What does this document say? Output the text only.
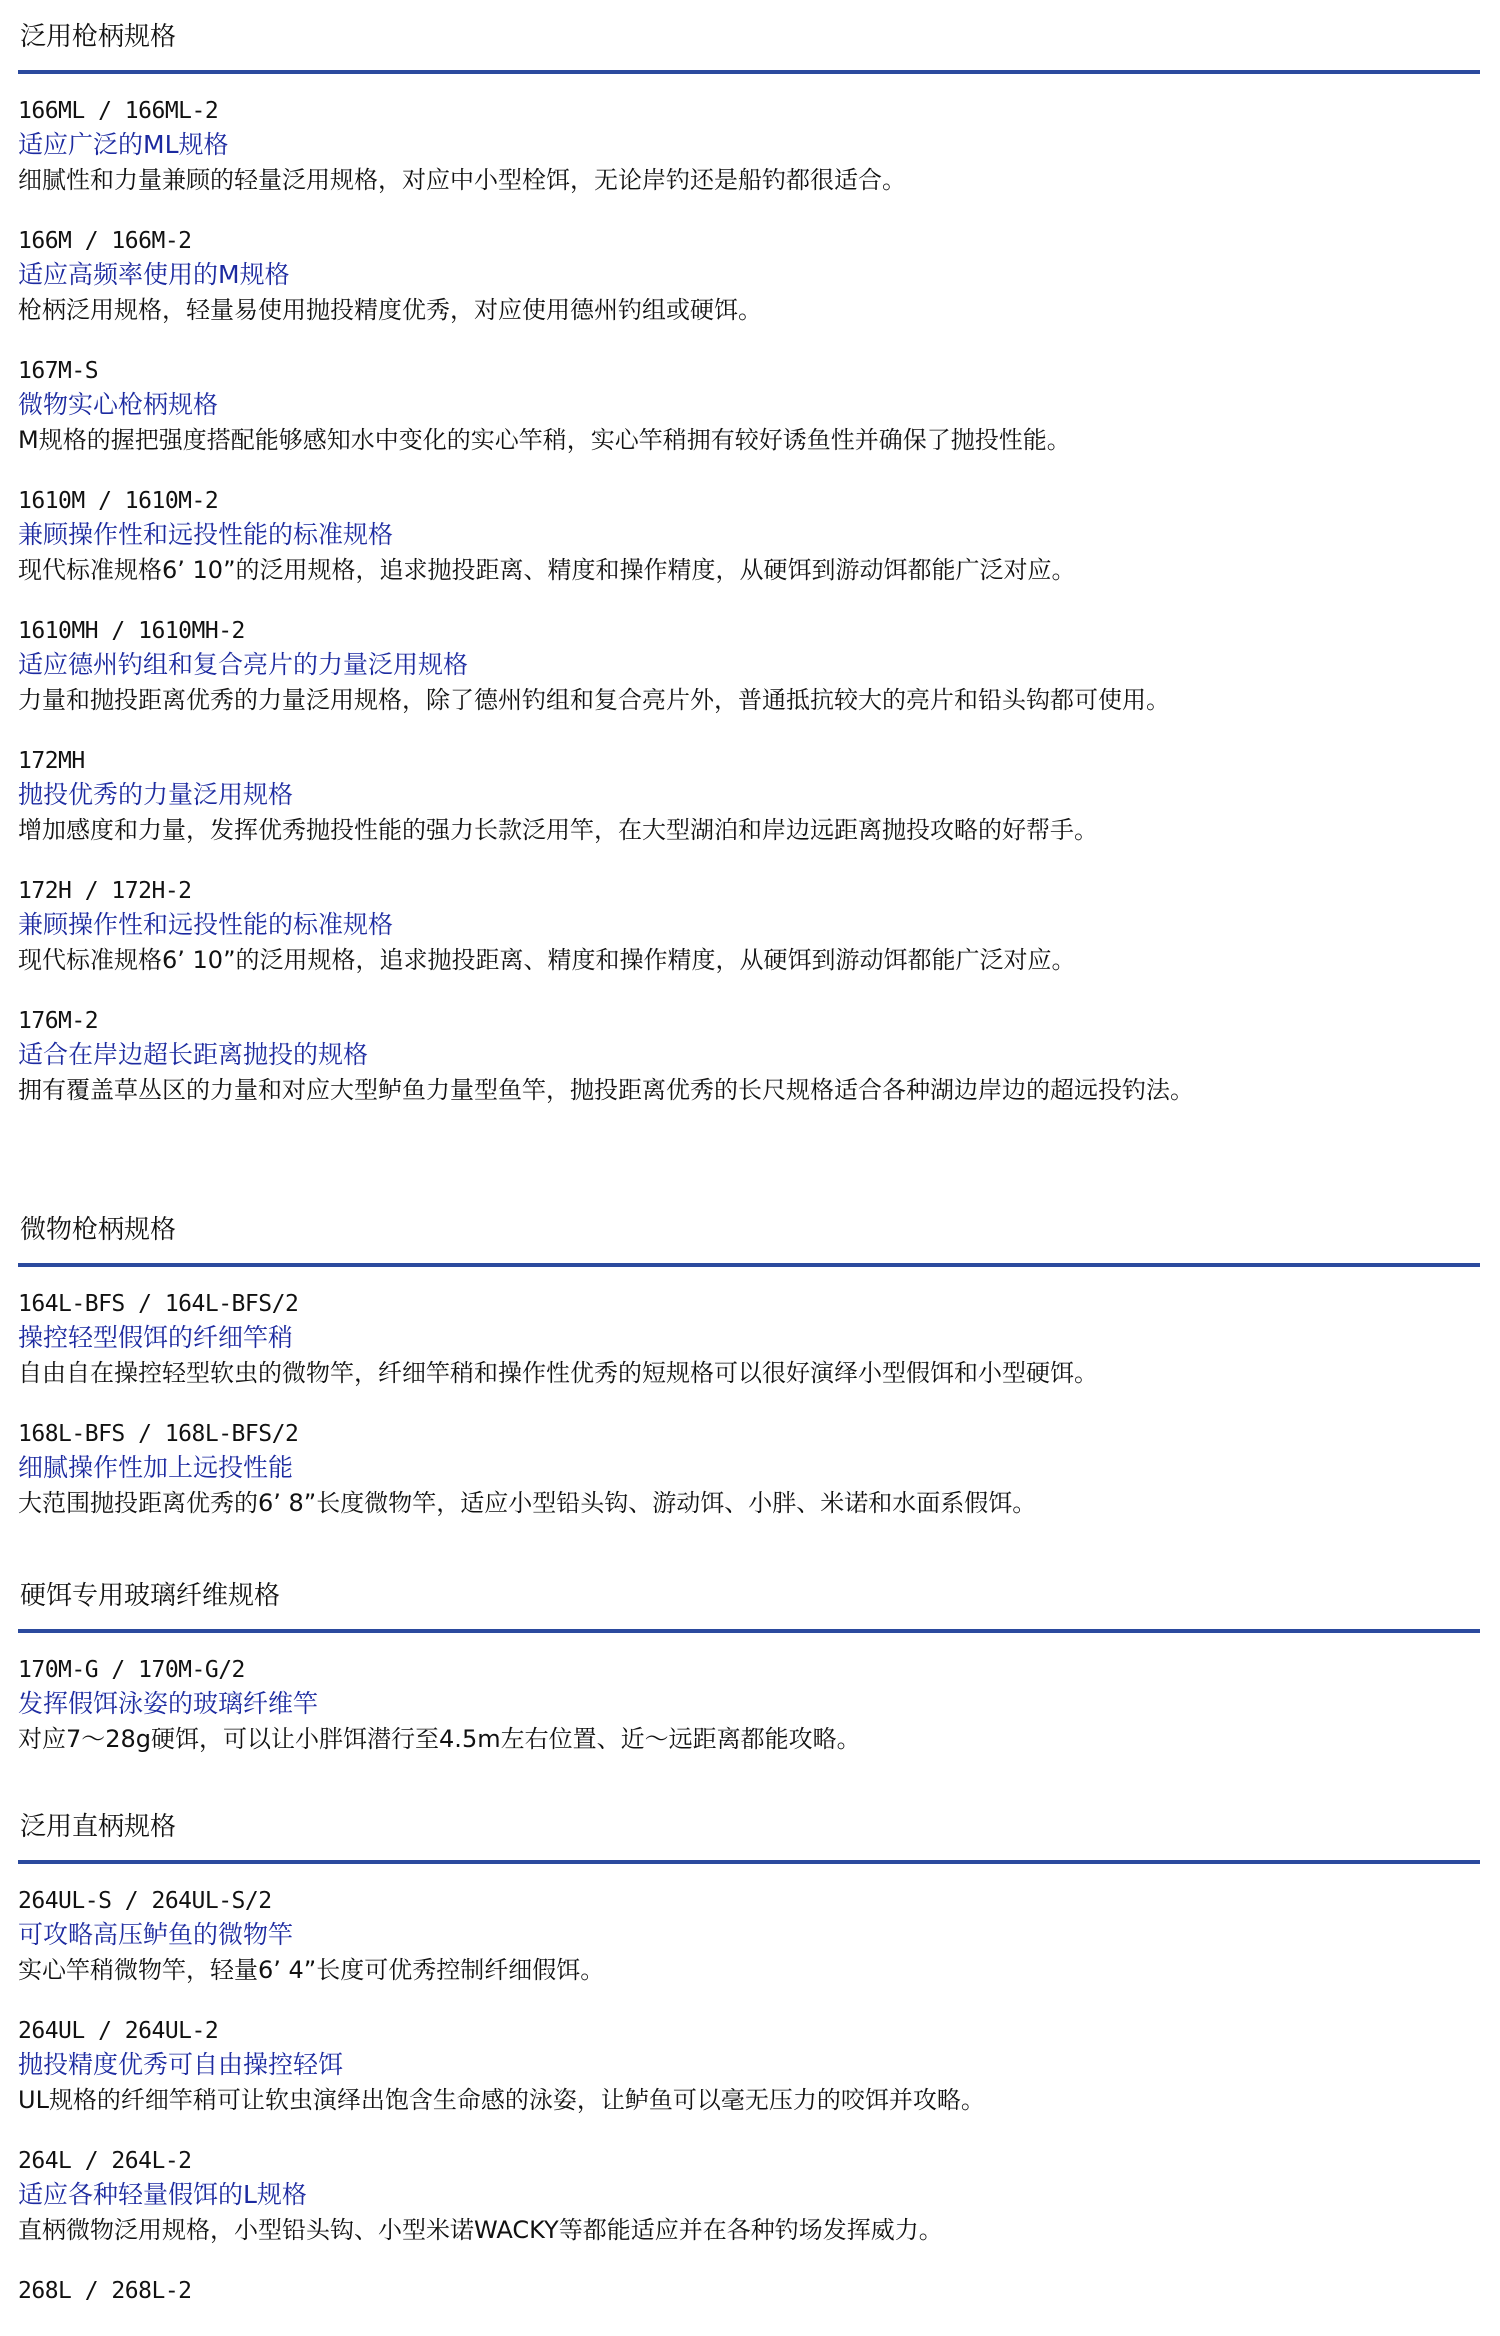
泛用枪柄规格
166ML / 166ML-2
适应广泛的ML规格
细腻性和力量兼顾的轻量泛用规格，对应中小型栓饵，无论岸钓还是船钓都很适合。
166M / 166M-2
适应高频率使用的M规格
枪柄泛用规格，轻量易使用抛投精度优秀，对应使用德州钓组或硬饵。
167M-S
微物实心枪柄规格
M规格的握把强度搭配能够感知水中变化的实心竿稍，实心竿稍拥有较好诱鱼性并确保了抛投性能。
1610M / 1610M-2
兼顾操作性和远投性能的标准规格
现代标准规格6’ 10”的泛用规格，追求抛投距离、精度和操作精度，从硬饵到游动饵都能广泛对应。
1610MH / 1610MH-2
适应德州钓组和复合亮片的力量泛用规格
力量和抛投距离优秀的力量泛用规格，除了德州钓组和复合亮片外，普通抵抗较大的亮片和铅头钩都可使用。
172MH
抛投优秀的力量泛用规格
增加感度和力量，发挥优秀抛投性能的强力长款泛用竿，在大型湖泊和岸边远距离抛投攻略的好帮手。
172H / 172H-2
兼顾操作性和远投性能的标准规格
现代标准规格6’ 10”的泛用规格，追求抛投距离、精度和操作精度，从硬饵到游动饵都能广泛对应。
176M-2
适合在岸边超长距离抛投的规格
拥有覆盖草丛区的力量和对应大型鲈鱼力量型鱼竿，抛投距离优秀的长尺规格适合各种湖边岸边的超远投钓法。
微物枪柄规格
164L-BFS / 164L-BFS/2
操控轻型假饵的纤细竿稍
自由自在操控轻型软虫的微物竿，纤细竿稍和操作性优秀的短规格可以很好演绎小型假饵和小型硬饵。
168L-BFS / 168L-BFS/2
细腻操作性加上远投性能
大范围抛投距离优秀的6’ 8”长度微物竿，适应小型铅头钩、游动饵、小胖、米诺和水面系假饵。
硬饵专用玻璃纤维规格
170M-G / 170M-G/2
发挥假饵泳姿的玻璃纤维竿
对应7～28g硬饵，可以让小胖饵潜行至4.5m左右位置、近～远距离都能攻略。
泛用直柄规格
264UL-S / 264UL-S/2
可攻略高压鲈鱼的微物竿
实心竿稍微物竿，轻量6’ 4”长度可优秀控制纤细假饵。
264UL / 264UL-2
抛投精度优秀可自由操控轻饵
UL规格的纤细竿稍可让软虫演绎出饱含生命感的泳姿，让鲈鱼可以毫无压力的咬饵并攻略。
264L / 264L-2
适应各种轻量假饵的L规格
直柄微物泛用规格，小型铅头钩、小型米诺WACKY等都能适应并在各种钓场发挥威力。
268L / 268L-2
